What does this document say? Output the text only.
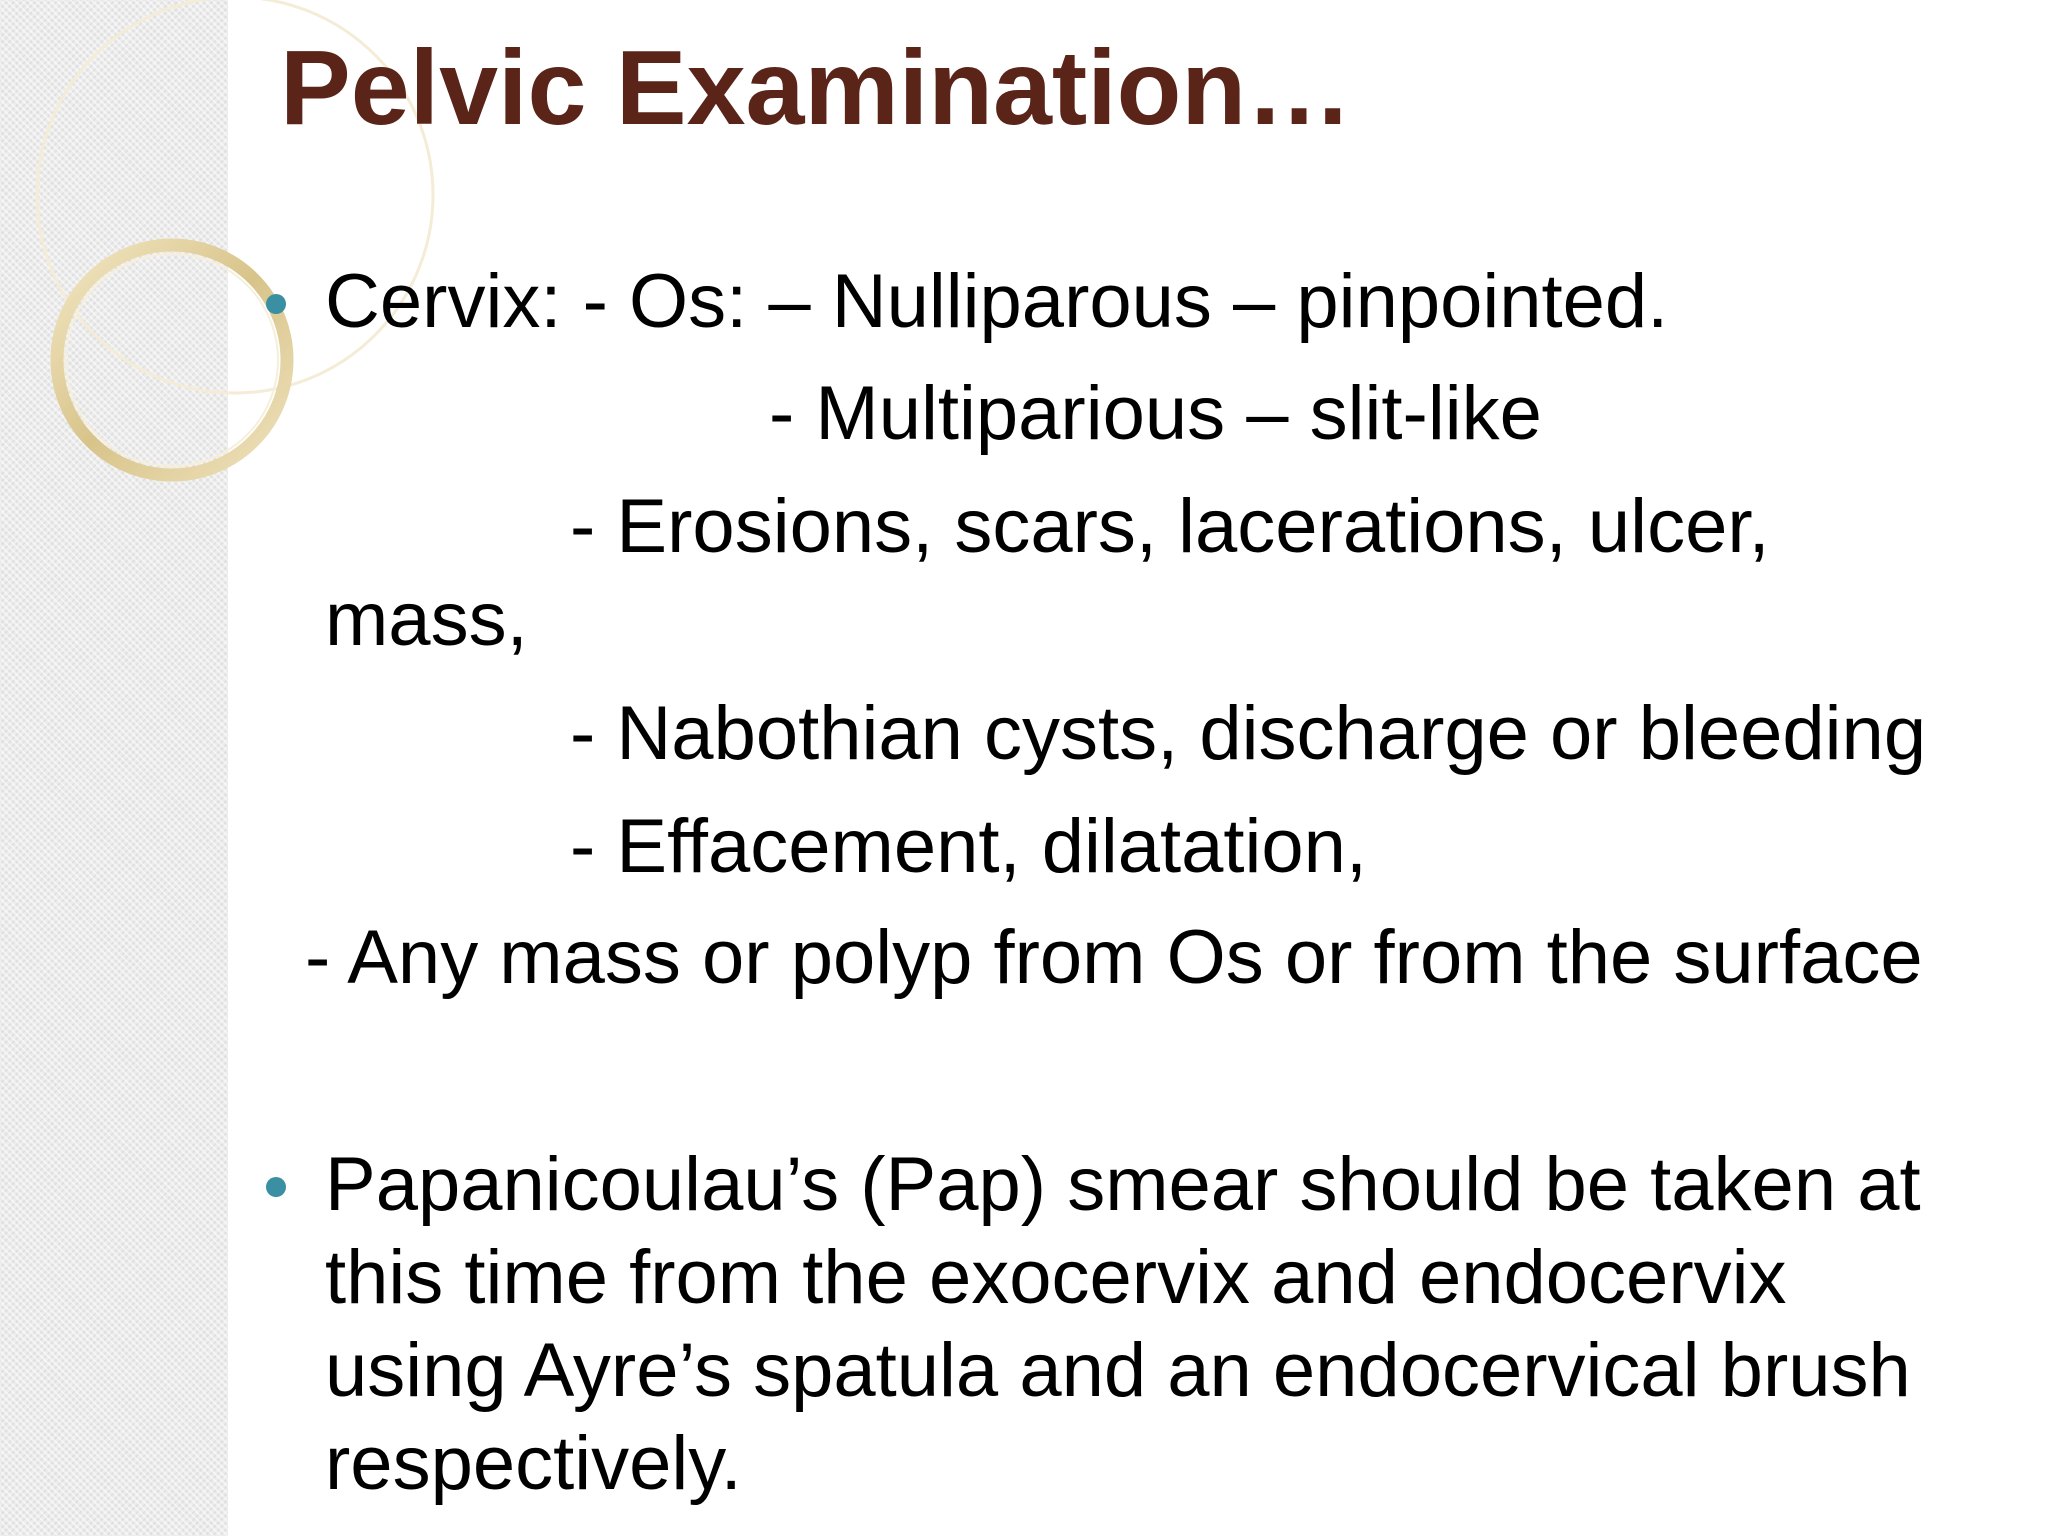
Pelvic Examination…
Cervix: - Os: – Nulliparous – pinpointed.
- Multiparious – slit-like
- Erosions, scars, lacerations, ulcer,
mass,
- Nabothian cysts, discharge or bleeding
- Effacement, dilatation,
- Any mass or polyp from Os or from the surface
Papanicoulau’s (Pap) smear should be taken at
this time from the exocervix and endocervix
using Ayre’s spatula and an endocervical brush
respectively.
